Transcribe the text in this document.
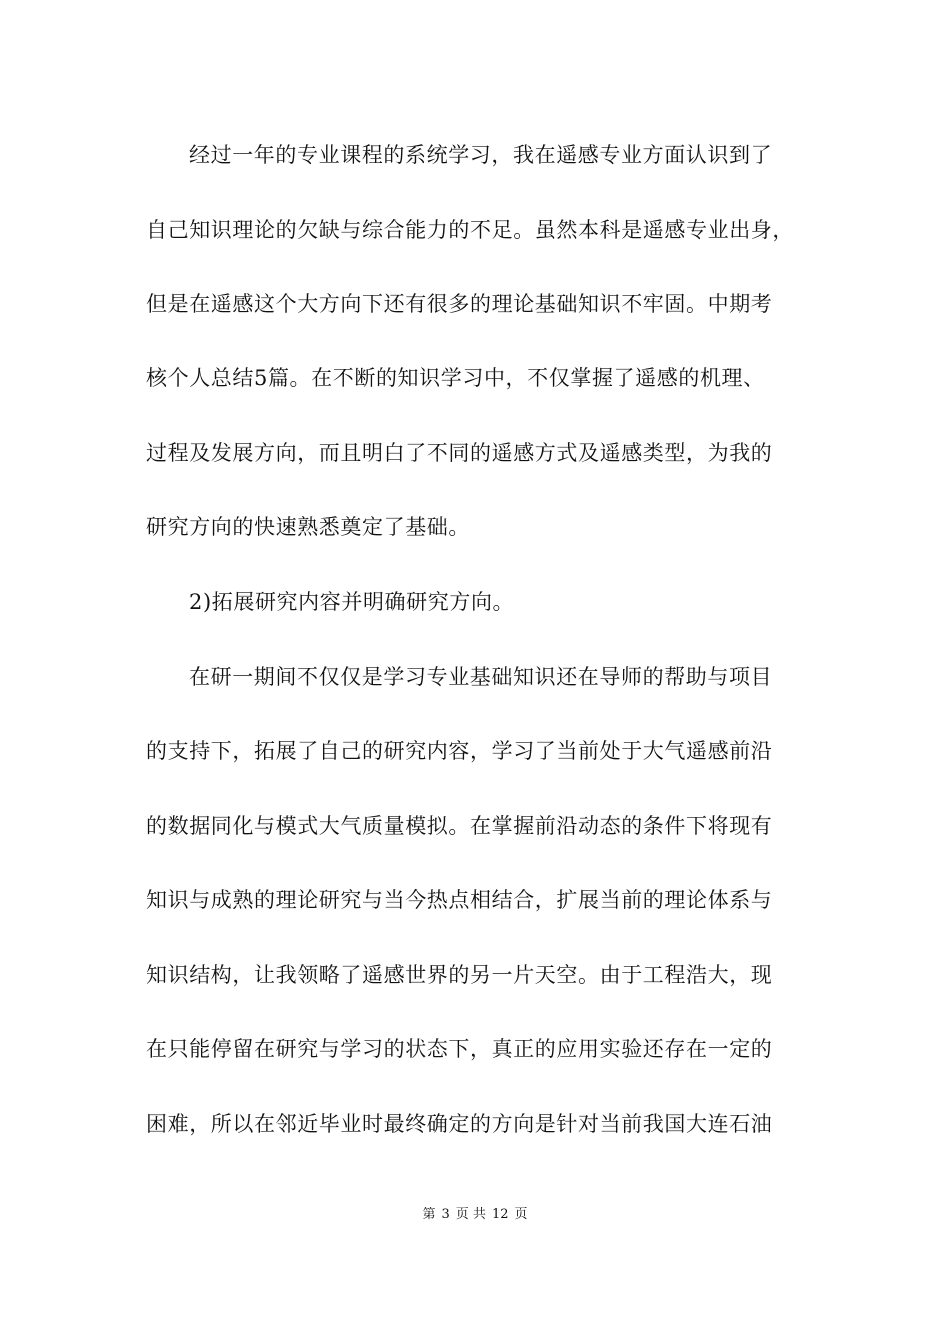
经过一年的专业课程的系统学习，我在遥感专业方面认识到了
自己知识理论的欠缺与综合能力的不足。虽然本科是遥感专业出身，
但是在遥感这个大方向下还有很多的理论基础知识不牢固。中期考
核个人总结5篇。在不断的知识学习中，不仅掌握了遥感的机理、
过程及发展方向，而且明白了不同的遥感方式及遥感类型，为我的
研究方向的快速熟悉奠定了基础。
2)拓展研究内容并明确研究方向。
在研一期间不仅仅是学习专业基础知识还在导师的帮助与项目
的支持下，拓展了自己的研究内容，学习了当前处于大气遥感前沿
的数据同化与模式大气质量模拟。在掌握前沿动态的条件下将现有
知识与成熟的理论研究与当今热点相结合，扩展当前的理论体系与
知识结构，让我领略了遥感世界的另一片天空。由于工程浩大，现
在只能停留在研究与学习的状态下，真正的应用实验还存在一定的
困难，所以在邻近毕业时最终确定的方向是针对当前我国大连石油
第 3 页 共 12 页
